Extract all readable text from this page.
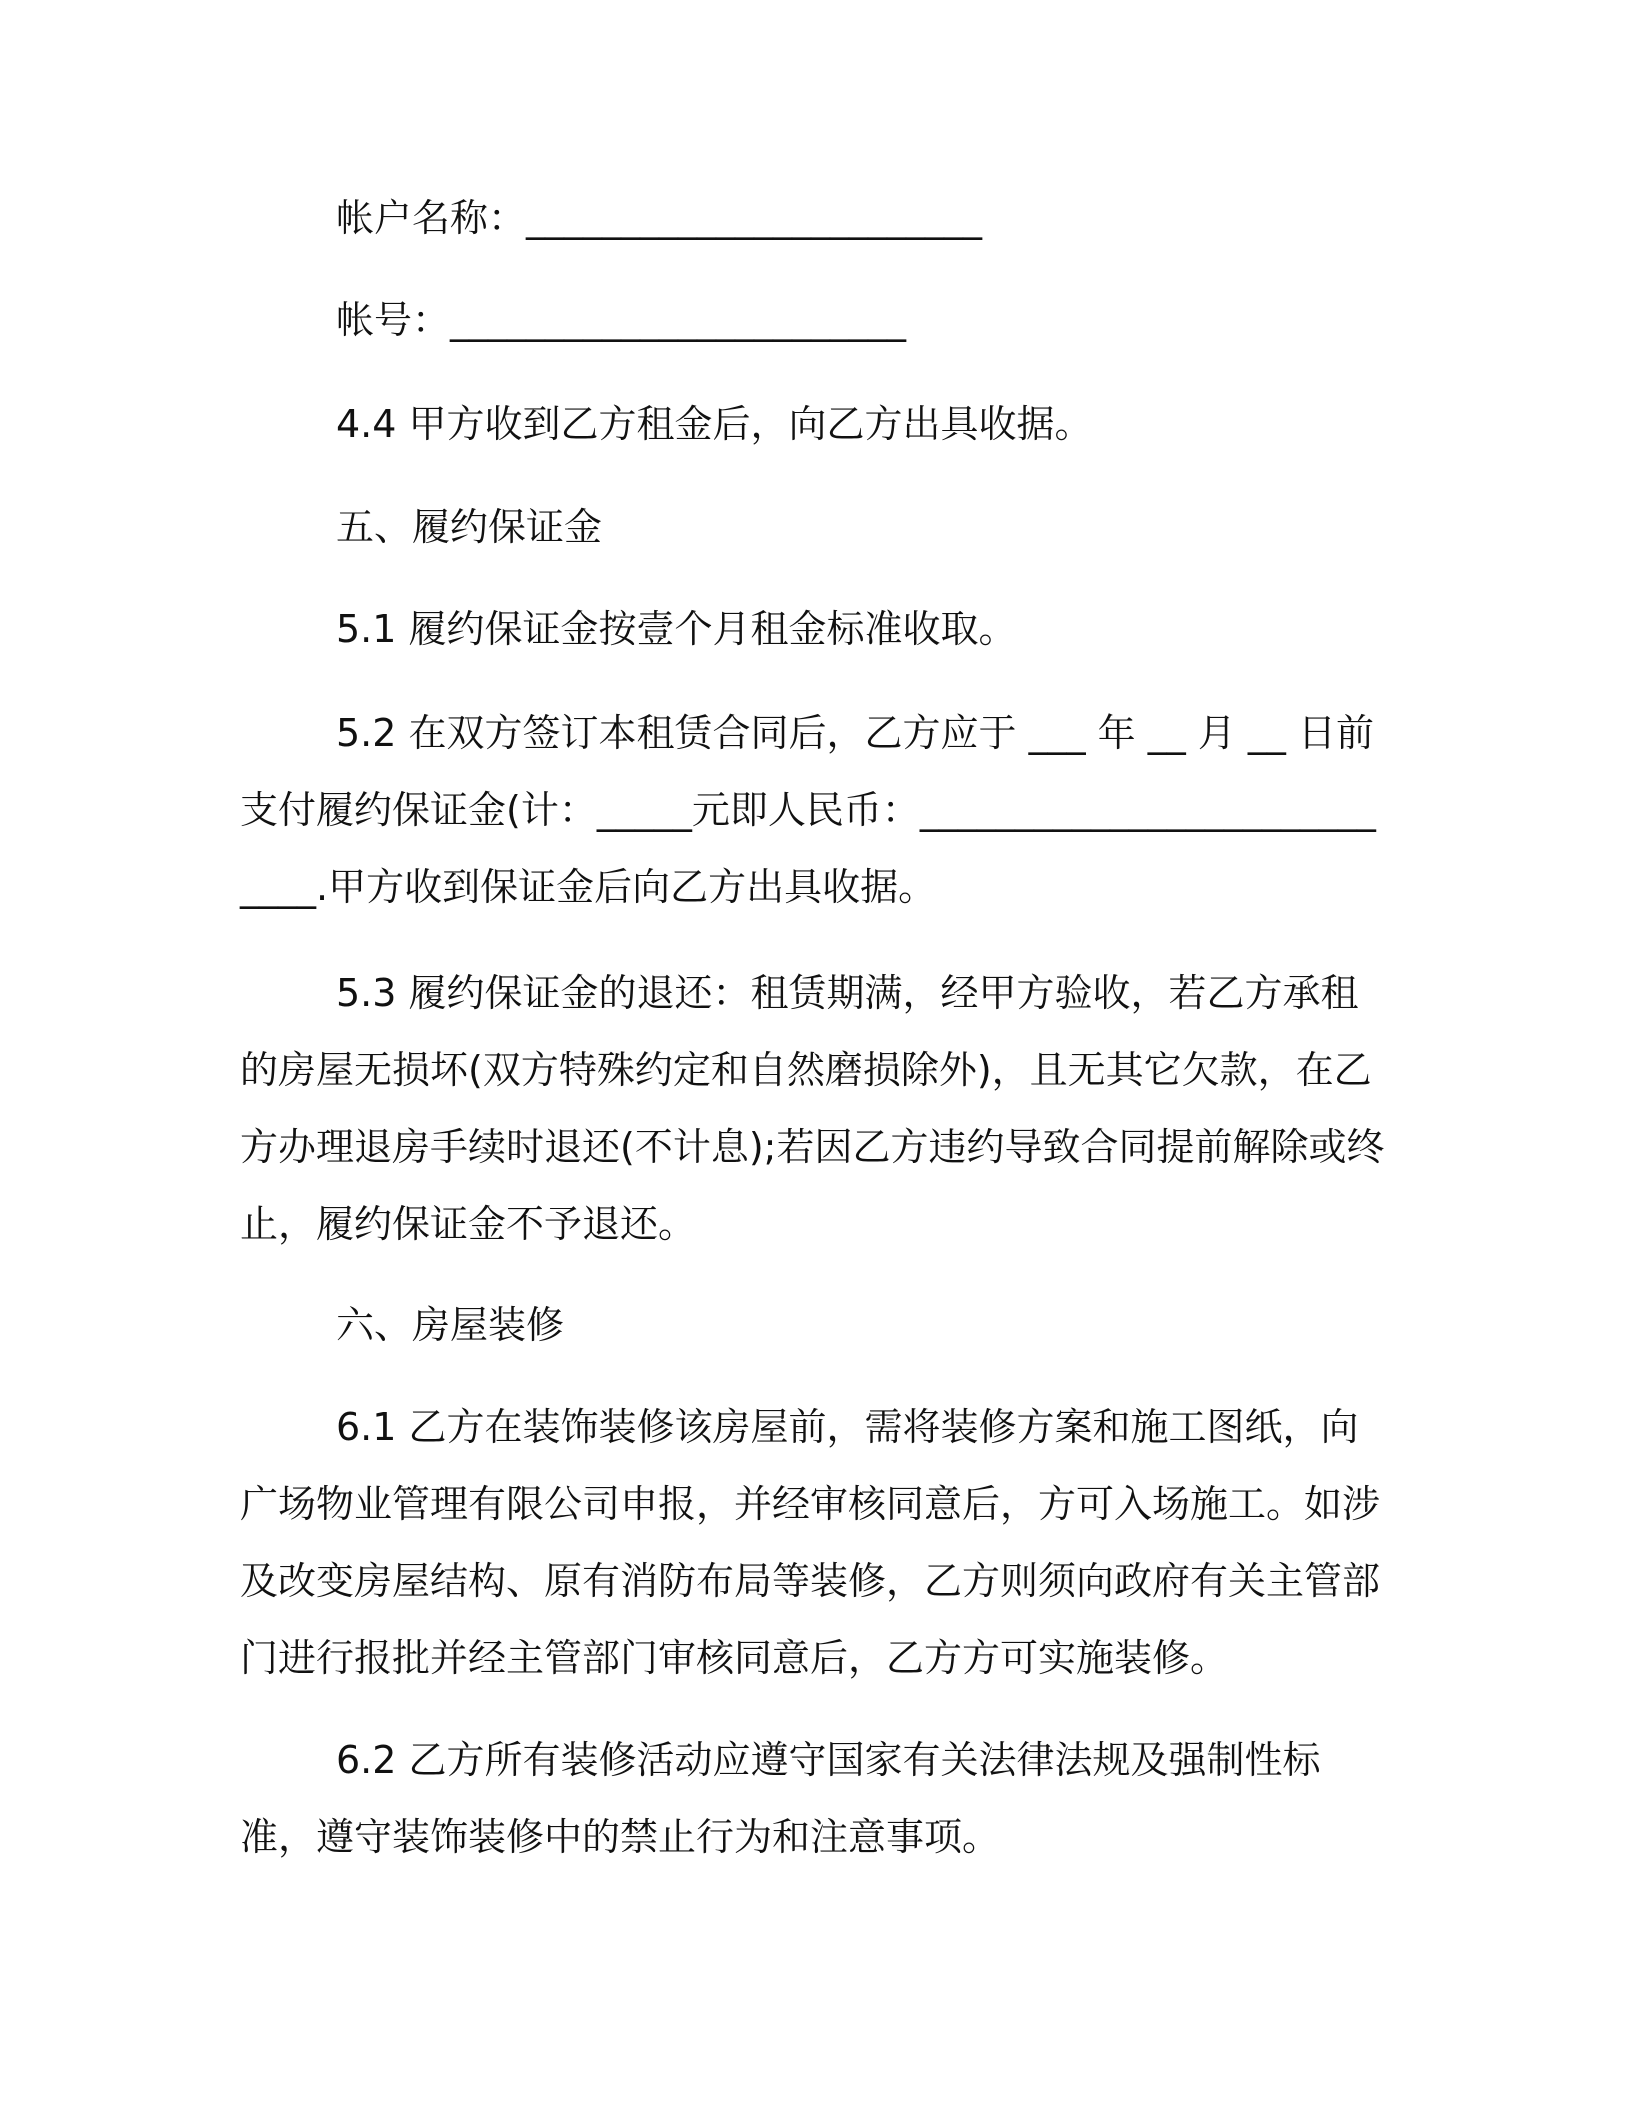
帐户名称：________________________
帐号：________________________
4.4 甲方收到乙方租金后，向乙方出具收据。
五、履约保证金
5.1 履约保证金按壹个月租金标准收取。
5.2 在双方签订本租赁合同后，乙方应于 ___ 年 __ 月 __ 日前支付履约保证金(计：_____元即人民币：____________________________.甲方收到保证金后向乙方出具收据。
5.3 履约保证金的退还：租赁期满，经甲方验收，若乙方承租的房屋无损坏(双方特殊约定和自然磨损除外)，且无其它欠款，在乙方办理退房手续时退还(不计息);若因乙方违约导致合同提前解除或终止，履约保证金不予退还。
六、房屋装修
6.1 乙方在装饰装修该房屋前，需将装修方案和施工图纸，向广场物业管理有限公司申报，并经审核同意后，方可入场施工。如涉及改变房屋结构、原有消防布局等装修，乙方则须向政府有关主管部门进行报批并经主管部门审核同意后，乙方方可实施装修。
6.2 乙方所有装修活动应遵守国家有关法律法规及强制性标准，遵守装饰装修中的禁止行为和注意事项。
